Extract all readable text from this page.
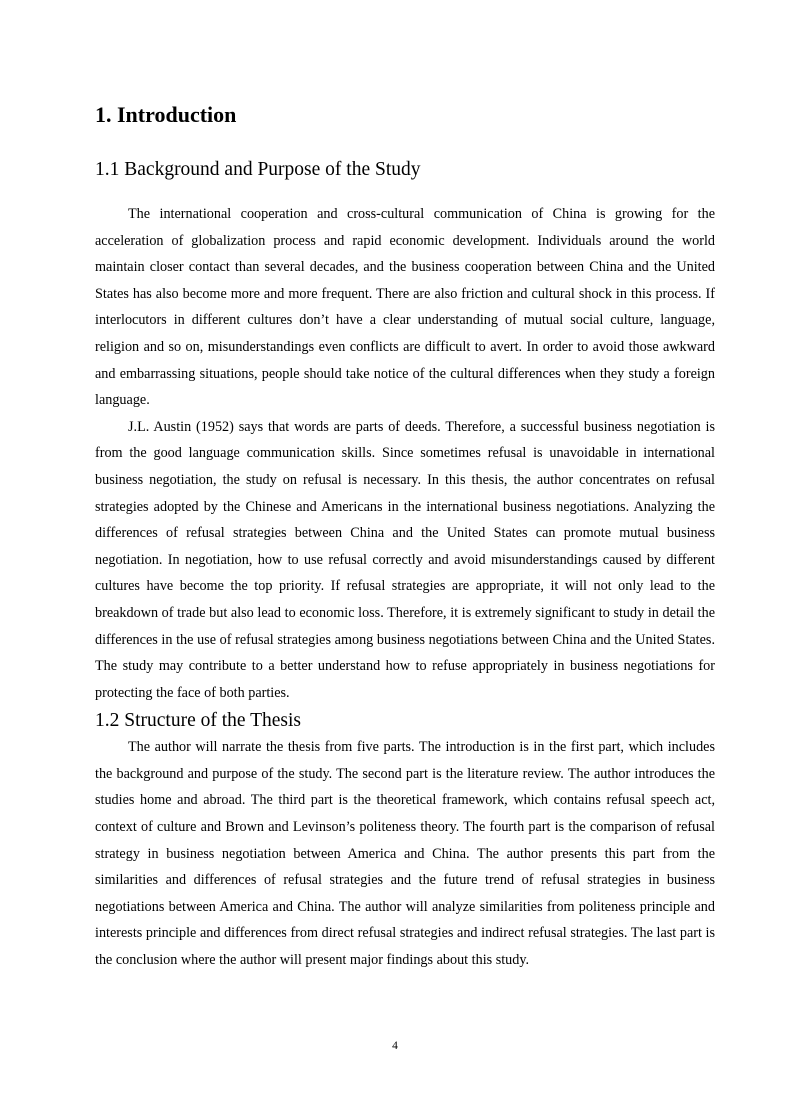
1. Introduction
1.1 Background and Purpose of the Study

The international cooperation and cross-cultural communication of China is growing for the acceleration of globalization process and rapid economic development. Individuals around the world maintain closer contact than several decades, and the business cooperation between China and the United States has also become more and more frequent. There are also friction and cultural shock in this process. If interlocutors in different cultures don’t have a clear understanding of mutual social culture, language, religion and so on, misunderstandings even conflicts are difficult to avert. In order to avoid those awkward and embarrassing situations, people should take notice of the cultural differences when they study a foreign language.

J.L. Austin (1952) says that words are parts of deeds. Therefore, a successful business negotiation is from the good language communication skills. Since sometimes refusal is unavoidable in international business negotiation, the study on refusal is necessary. In this thesis, the author concentrates on refusal strategies adopted by the Chinese and Americans in the international business negotiations. Analyzing the differences of refusal strategies between China and the United States can promote mutual business negotiation. In negotiation, how to use refusal correctly and avoid misunderstandings caused by different cultures have become the top priority. If refusal strategies are appropriate, it will not only lead to the breakdown of trade but also lead to economic loss. Therefore, it is extremely significant to study in detail the differences in the use of refusal strategies among business negotiations between China and the United States. The study may contribute to a better understand how to refuse appropriately in business negotiations for protecting the face of both parties.

1.2 Structure of the Thesis

The author will narrate the thesis from five parts. The introduction is in the first part, which includes the background and purpose of the study. The second part is the literature review. The author introduces the studies home and abroad. The third part is the theoretical framework, which contains refusal speech act, context of culture and Brown and Levinson’s politeness theory. The fourth part is the comparison of refusal strategy in business negotiation between America and China. The author presents this part from the similarities and differences of refusal strategies and the future trend of refusal strategies in business negotiations between America and China. The author will analyze similarities from politeness principle and interests principle and differences from direct refusal strategies and indirect refusal strategies. The last part is the conclusion where the author will present major findings about this study.

4
